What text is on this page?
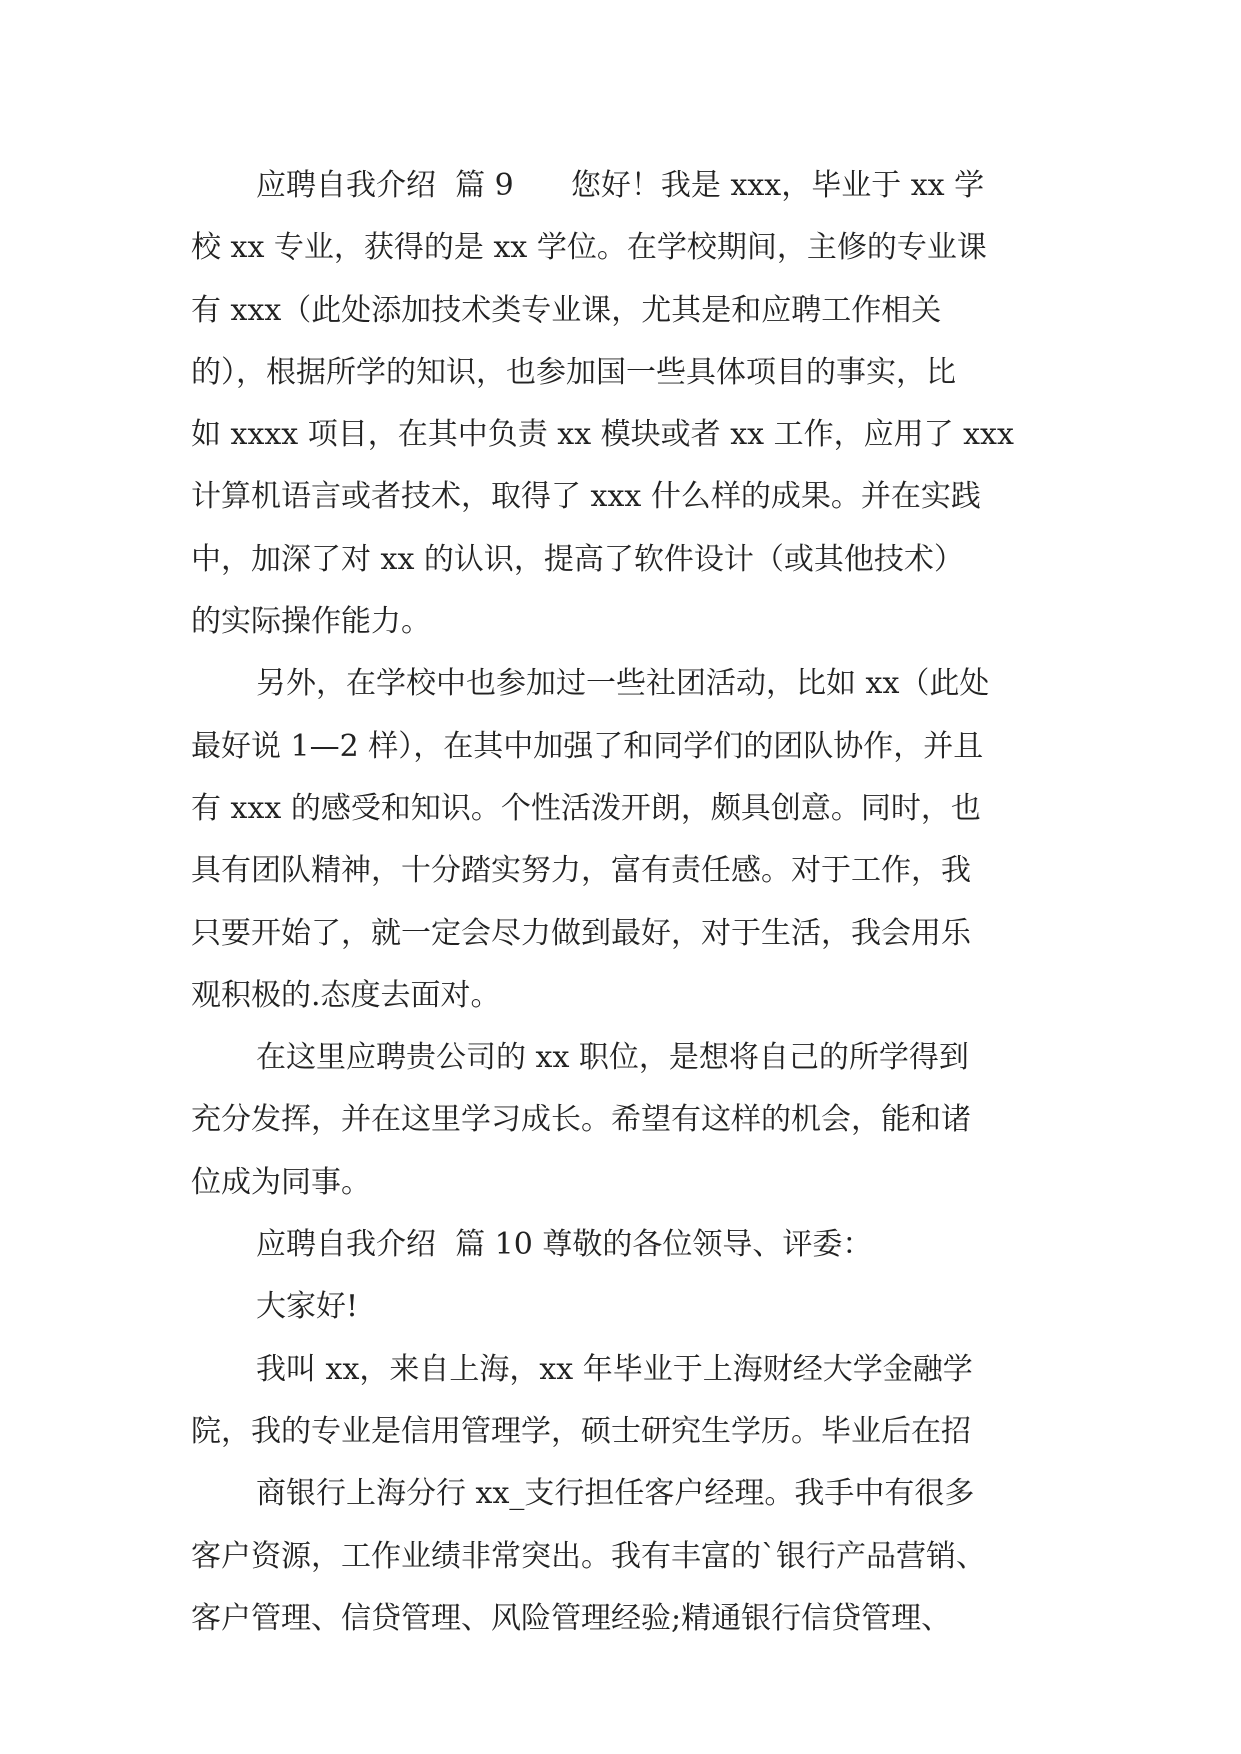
应聘自我介绍  篇 9      您好！我是 xxx，毕业于 xx 学
校 xx 专业，获得的是 xx 学位。在学校期间，主修的专业课
有 xxx（此处添加技术类专业课，尤其是和应聘工作相关
的），根据所学的知识，也参加国一些具体项目的事实，比
如 xxxx 项目，在其中负责 xx 模块或者 xx 工作，应用了 xxx
计算机语言或者技术，取得了 xxx 什么样的成果。并在实践
中，加深了对 xx 的认识，提高了软件设计（或其他技术）
的实际操作能力。

另外，在学校中也参加过一些社团活动，比如 xx（此处
最好说 1—2 样），在其中加强了和同学们的团队协作，并且
有 xxx 的感受和知识。个性活泼开朗，颇具创意。同时，也
具有团队精神，十分踏实努力，富有责任感。对于工作，我
只要开始了，就一定会尽力做到最好，对于生活，我会用乐
观积极的.态度去面对。

在这里应聘贵公司的 xx 职位，是想将自己的所学得到
充分发挥，并在这里学习成长。希望有这样的机会，能和诸
位成为同事。

应聘自我介绍  篇 10 尊敬的各位领导、评委：

大家好!

我叫 xx，来自上海，xx 年毕业于上海财经大学金融学
院，我的专业是信用管理学，硕士研究生学历。毕业后在招

商银行上海分行 xx_支行担任客户经理。我手中有很多
客户资源，工作业绩非常突出。我有丰富的`银行产品营销、
客户管理、信贷管理、风险管理经验;精通银行信贷管理、
